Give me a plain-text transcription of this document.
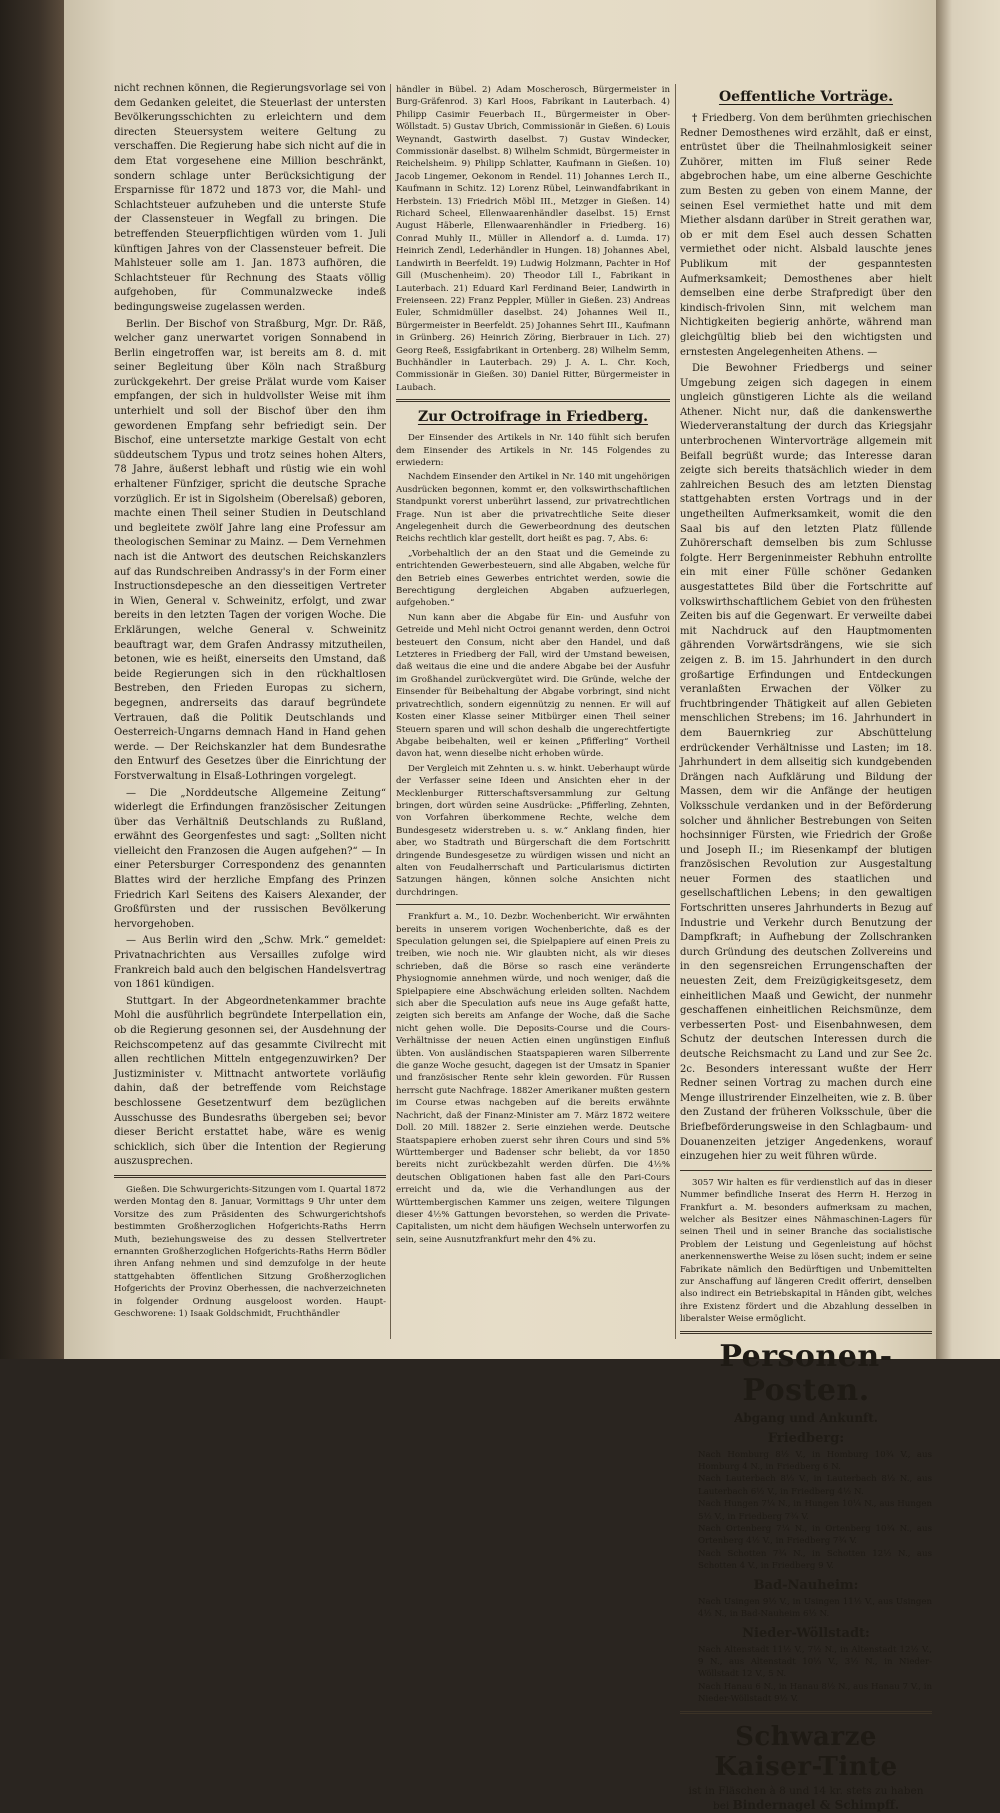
nicht rechnen können, die Regierungsvorlage sei von dem Gedanken geleitet, die Steuerlast der untersten Bevölkerungsschichten zu erleichtern und dem directen Steuersystem weitere Geltung zu verschaffen. Die Regierung habe sich nicht auf die in dem Etat vorgesehene eine Million beschränkt, sondern schlage unter Berücksichtigung der Ersparnisse für 1872 und 1873 vor, die Mahl- und Schlachtsteuer aufzuheben und die unterste Stufe der Classensteuer in Wegfall zu bringen. Die betreffenden Steuerpflichtigen würden vom 1. Juli künftigen Jahres von der Classensteuer befreit. Die Mahlsteuer solle am 1. Jan. 1873 aufhören, die Schlachtsteuer für Rechnung des Staats völlig aufgehoben, für Communalzwecke indeß bedingungsweise zugelassen werden.

Berlin. Der Bischof von Straßburg, Mgr. Dr. Räß, welcher ganz unerwartet vorigen Sonnabend in Berlin eingetroffen war, ist bereits am 8. d. mit seiner Begleitung über Köln nach Straßburg zurückgekehrt. Der greise Prälat wurde vom Kaiser empfangen, der sich in huldvollster Weise mit ihm unterhielt und soll der Bischof über den ihm gewordenen Empfang sehr befriedigt sein. Der Bischof, eine untersetzte markige Gestalt von echt süddeutschem Typus und trotz seines hohen Alters, 78 Jahre, äußerst lebhaft und rüstig wie ein wohl erhaltener Fünfziger, spricht die deutsche Sprache vorzüglich. Er ist in Sigolsheim (Oberelsaß) geboren, machte einen Theil seiner Studien in Deutschland und begleitete zwölf Jahre lang eine Professur am theologischen Seminar zu Mainz. — Dem Vernehmen nach ist die Antwort des deutschen Reichskanzlers auf das Rundschreiben Andrassy's in der Form einer Instructionsdepesche an den diesseitigen Vertreter in Wien, General v. Schweinitz, erfolgt, und zwar bereits in den letzten Tagen der vorigen Woche. Die Erklärungen, welche General v. Schweinitz beauftragt war, dem Grafen Andrassy mitzutheilen, betonen, wie es heißt, einerseits den Umstand, daß beide Regierungen sich in den rückhaltlosen Bestreben, den Frieden Europas zu sichern, begegnen, andrerseits das darauf begründete Vertrauen, daß die Politik Deutschlands und Oesterreich-Ungarns demnach Hand in Hand gehen werde. — Der Reichskanzler hat dem Bundesrathe den Entwurf des Gesetzes über die Einrichtung der Forstverwaltung in Elsaß-Lothringen vorgelegt.

— Die „Norddeutsche Allgemeine Zeitung“ widerlegt die Erfindungen französischer Zeitungen über das Verhältniß Deutschlands zu Rußland, erwähnt des Georgenfestes und sagt: „Sollten nicht vielleicht den Franzosen die Augen aufgehen?“ — In einer Petersburger Correspondenz des genannten Blattes wird der herzliche Empfang des Prinzen Friedrich Karl Seitens des Kaisers Alexander, der Großfürsten und der russischen Bevölkerung hervorgehoben.

— Aus Berlin wird den „Schw. Mrk.“ gemeldet: Privatnachrichten aus Versailles zufolge wird Frankreich bald auch den belgischen Handelsvertrag von 1861 kündigen.

Stuttgart. In der Abgeordnetenkammer brachte Mohl die ausführlich begründete Interpellation ein, ob die Regierung gesonnen sei, der Ausdehnung der Reichscompetenz auf das gesammte Civilrecht mit allen rechtlichen Mitteln entgegenzuwirken? Der Justizminister v. Mittnacht antwortete vorläufig dahin, daß der betreffende vom Reichstage beschlossene Gesetzentwurf dem bezüglichen Ausschusse des Bundesraths übergeben sei; bevor dieser Bericht erstattet habe, wäre es wenig schicklich, sich über die Intention der Regierung auszusprechen.

Gießen. Die Schwurgerichts-Sitzungen vom I. Quartal 1872 werden Montag den 8. Januar, Vormittags 9 Uhr unter dem Vorsitze des zum Präsidenten des Schwurgerichtshofs bestimmten Großherzoglichen Hofgerichts-Raths Herrn Muth, beziehungsweise des zu dessen Stellvertreter ernannten Großherzoglichen Hofgerichts-Raths Herrn Bödler ihren Anfang nehmen und sind demzufolge in der heute stattgehabten öffentlichen Sitzung Großherzoglichen Hofgerichts der Provinz Oberhessen, die nachverzeichneten in folgender Ordnung ausgeloost worden. Haupt-Geschworene: 1) Isaak Goldschmidt, Fruchthändler

händler in Bübel. 2) Adam Moscherosch, Bürgermeister in Burg-Gräfenrod. 3) Karl Hoos, Fabrikant in Lauterbach. 4) Philipp Casimir Feuerbach II., Bürgermeister in Ober-Wöllstadt. 5) Gustav Ubrich, Commissionär in Gießen. 6) Louis Weynandt, Gastwirth daselbst. 7) Gustav Windecker, Commissionär daselbst. 8) Wilhelm Schmidt, Bürgermeister in Reichelsheim. 9) Philipp Schlatter, Kaufmann in Gießen. 10) Jacob Lingemer, Oekonom in Rendel. 11) Johannes Lerch II., Kaufmann in Schitz. 12) Lorenz Rübel, Leinwandfabrikant in Herbstein. 13) Friedrich Möbl III., Metzger in Gießen. 14) Richard Scheel, Ellenwaarenhändler daselbst. 15) Ernst August Häberle, Ellenwaarenhändler in Friedberg. 16) Conrad Muhly II., Müller in Allendorf a. d. Lumda. 17) Heinrich Zendl, Lederhändler in Hungen. 18) Johannes Abel, Landwirth in Beerfeldt. 19) Ludwig Holzmann, Pachter in Hof Gill (Muschenheim). 20) Theodor Lill I., Fabrikant in Lauterbach. 21) Eduard Karl Ferdinand Beier, Landwirth in Freienseen. 22) Franz Peppler, Müller in Gießen. 23) Andreas Euler, Schmidmüller daselbst. 24) Johannes Weil II., Bürgermeister in Beerfeldt. 25) Johannes Sehrt III., Kaufmann in Grünberg. 26) Heinrich Zöring, Bierbrauer in Lich. 27) Georg Reeß, Essigfabrikant in Ortenberg. 28) Wilhelm Semm, Buchhändler in Lauterbach. 29) J. A. L. Chr. Koch, Commissionär in Gießen. 30) Daniel Ritter, Bürgermeister in Laubach.

Zur Octroifrage in Friedberg.

Der Einsender des Artikels in Nr. 140 fühlt sich berufen dem Einsender des Artikels in Nr. 145 Folgendes zu erwiedern:

Nachdem Einsender den Artikel in Nr. 140 mit ungehörigen Ausdrücken begonnen, kommt er, den volkswirthschaftlichen Standpunkt vorerst unberührt lassend, zur privatrechtlichen Frage. Nun ist aber die privatrechtliche Seite dieser Angelegenheit durch die Gewerbeordnung des deutschen Reichs rechtlich klar gestellt, dort heißt es pag. 7, Abs. 6:

„Vorbehaltlich der an den Staat und die Gemeinde zu entrichtenden Gewerbesteuern, sind alle Abgaben, welche für den Betrieb eines Gewerbes entrichtet werden, sowie die Berechtigung dergleichen Abgaben aufzuerlegen, aufgehoben.“

Nun kann aber die Abgabe für Ein- und Ausfuhr von Getreide und Mehl nicht Octroi genannt werden, denn Octroi besteuert den Consum, nicht aber den Handel, und daß Letzteres in Friedberg der Fall, wird der Umstand beweisen, daß weitaus die eine und die andere Abgabe bei der Ausfuhr im Großhandel zurückvergütet wird. Die Gründe, welche der Einsender für Beibehaltung der Abgabe vorbringt, sind nicht privatrechtlich, sondern eigennützig zu nennen. Er will auf Kosten einer Klasse seiner Mitbürger einen Theil seiner Steuern sparen und will schon deshalb die ungerechtfertigte Abgabe beibehalten, weil er keinen „Pfifferling“ Vortheil davon hat, wenn dieselbe nicht erhoben würde.

Der Vergleich mit Zehnten u. s. w. hinkt. Ueberhaupt würde der Verfasser seine Ideen und Ansichten eher in der Mecklenburger Ritterschaftsversammlung zur Geltung bringen, dort würden seine Ausdrücke: „Pfifferling, Zehnten, von Vorfahren überkommene Rechte, welche dem Bundesgesetz widerstreben u. s. w.“ Anklang finden, hier aber, wo Stadtrath und Bürgerschaft die dem Fortschritt dringende Bundesgesetze zu würdigen wissen und nicht an alten von Feudalherrschaft und Particularismus dictirten Satzungen hängen, können solche Ansichten nicht durchdringen.

Frankfurt a. M., 10. Dezbr. Wochenbericht. Wir erwähnten bereits in unserem vorigen Wochenberichte, daß es der Speculation gelungen sei, die Spielpapiere auf einen Preis zu treiben, wie noch nie. Wir glaubten nicht, als wir dieses schrieben, daß die Börse so rasch eine veränderte Physiognomie annehmen würde, und noch weniger, daß die Spielpapiere eine Abschwächung erleiden sollten. Nachdem sich aber die Speculation aufs neue ins Auge gefaßt hatte, zeigten sich bereits am Anfange der Woche, daß die Sache nicht gehen wolle. Die Deposits-Course und die Cours-Verhältnisse der neuen Actien einen ungünstigen Einfluß übten. Von ausländischen Staatspapieren waren Silberrente die ganze Woche gesucht, dagegen ist der Umsatz in Spanier und französischer Rente sehr klein geworden. Für Russen herrscht gute Nachfrage. 1882er Amerikaner mußten gestern im Course etwas nachgeben auf die bereits erwähnte Nachricht, daß der Finanz-Minister am 7. März 1872 weitere Doll. 20 Mill. 1882er 2. Serie einziehen werde. Deutsche Staatspapiere erhoben zuerst sehr ihren Cours und sind 5% Württemberger und Badenser schr beliebt, da vor 1850 bereits nicht zurückbezahlt werden dürfen. Die 4½% deutschen Obligationen haben fast alle den Pari-Cours erreicht und da, wie die Verhandlungen aus der Württembergischen Kammer uns zeigen, weitere Tilgungen dieser 4½% Gattungen bevorstehen, so werden die Private-Capitalisten, um nicht dem häufigen Wechseln unterworfen zu sein, seine Ausnutzfrankfurt mehr den 4% zu.

Oeffentliche Vorträge.

† Friedberg. Von dem berühmten griechischen Redner Demosthenes wird erzählt, daß er einst, entrüstet über die Theilnahmlosigkeit seiner Zuhörer, mitten im Fluß seiner Rede abgebrochen habe, um eine alberne Geschichte zum Besten zu geben von einem Manne, der seinen Esel vermiethet hatte und mit dem Miether alsdann darüber in Streit gerathen war, ob er mit dem Esel auch dessen Schatten vermiethet oder nicht. Alsbald lauschte jenes Publikum mit der gespanntesten Aufmerksamkeit; Demosthenes aber hielt demselben eine derbe Strafpredigt über den kindisch-frivolen Sinn, mit welchem man Nichtigkeiten begierig anhörte, während man gleichgültig blieb bei den wichtigsten und ernstesten Angelegenheiten Athens. —

Die Bewohner Friedbergs und seiner Umgebung zeigen sich dagegen in einem ungleich günstigeren Lichte als die weiland Athener. Nicht nur, daß die dankenswerthe Wiederveranstaltung der durch das Kriegsjahr unterbrochenen Wintervorträge allgemein mit Beifall begrüßt wurde; das Interesse daran zeigte sich bereits thatsächlich wieder in dem zahlreichen Besuch des am letzten Dienstag stattgehabten ersten Vortrags und in der ungetheilten Aufmerksamkeit, womit die den Saal bis auf den letzten Platz füllende Zuhörerschaft demselben bis zum Schlusse folgte. Herr Bergeninmeister Rebhuhn entrollte ein mit einer Fülle schöner Gedanken ausgestattetes Bild über die Fortschritte auf volkswirthschaftlichem Gebiet von den frühesten Zeiten bis auf die Gegenwart. Er verweilte dabei mit Nachdruck auf den Hauptmomenten gährenden Vorwärtsdrängens, wie sie sich zeigen z. B. im 15. Jahrhundert in den durch großartige Erfindungen und Entdeckungen veranlaßten Erwachen der Völker zu fruchtbringender Thätigkeit auf allen Gebieten menschlichen Strebens; im 16. Jahrhundert in dem Bauernkrieg zur Abschüttelung erdrückender Verhältnisse und Lasten; im 18. Jahrhundert in dem allseitig sich kundgebenden Drängen nach Aufklärung und Bildung der Massen, dem wir die Anfänge der heutigen Volksschule verdanken und in der Beförderung solcher und ähnlicher Bestrebungen von Seiten hochsinniger Fürsten, wie Friedrich der Große und Joseph II.; im Riesenkampf der blutigen französischen Revolution zur Ausgestaltung neuer Formen des staatlichen und gesellschaftlichen Lebens; in den gewaltigen Fortschritten unseres Jahrhunderts in Bezug auf Industrie und Verkehr durch Benutzung der Dampfkraft; in Aufhebung der Zollschranken durch Gründung des deutschen Zollvereins und in den segensreichen Errungenschaften der neuesten Zeit, dem Freizügigkeitsgesetz, dem einheitlichen Maaß und Gewicht, der nunmehr geschaffenen einheitlichen Reichsmünze, dem verbesserten Post- und Eisenbahnwesen, dem Schutz der deutschen Interessen durch die deutsche Reichsmacht zu Land und zur See 2c. 2c. Besonders interessant wußte der Herr Redner seinen Vortrag zu machen durch eine Menge illustrirender Einzelheiten, wie z. B. über den Zustand der früheren Volksschule, über die Briefbeförderungsweise in den Schlagbaum- und Douanenzeiten jetziger Angedenkens, worauf einzugehen hier zu weit führen würde.

3057 Wir halten es für verdienstlich auf das in dieser Nummer befindliche Inserat des Herrn H. Herzog in Frankfurt a. M. besonders aufmerksam zu machen, welcher als Besitzer eines Nähmaschinen-Lagers für seinen Theil und in seiner Branche das socialistische Problem der Leistung und Gegenleistung auf höchst anerkennenswerthe Weise zu lösen sucht; indem er seine Fabrikate nämlich den Bedürftigen und Unbemittelten zur Anschaffung auf längeren Credit offerirt, denselben also indirect ein Betriebskapital in Händen gibt, welches ihre Existenz fördert und die Abzahlung desselben in liberalster Weise ermöglicht.

Personen-Posten.
Abgang und Ankunft.
Friedberg:

Nach Homburg 8½ V., in Homburg 10¾ V., aus Homburg 4 N., in Friedberg 6 N.

Nach Lauterbach 8⅓ V., in Lauterbach 8⅓ N., aus Lauterbach 6½ V., in Friedberg 4½ N.

Nach Hungen 7¼ N., in Hungen 10¼ N., aus Hungen 5½ V., in Friedberg 7¾ V.

Nach Ortenberg 7¼ N., in Ortenberg 10¾ N., aus Ortenberg 4½ V., in Friedberg 7¾ V.

Nach Schotten 7¾ N., in Schotten 12½ N., aus Schotten 4 V., in Friedberg 9 V.

Bad-Nauheim:

Nach Usingen 9½ V., in Usingen 11½ V., aus Usingen 4½ N., in Bad-Nauheim 6½ N.

Nieder-Wöllstadt:

Nach Altenstadt 11½ V., 7½ N., in Altenstadt 12½ V., 9 N., aus Altenstadt 10⅓ V., 3½ N., in Nieder-Wöllstadt 12 V., 5 N.

Nach Hanau 6 N., in Hanau 8½ N., aus Hanau 7 V., in Nieder-Wöllstadt 9½ V.

Schwarze Kaiser-Tinte
ist in Fläschen à 8 und 14 kr. stets zu haben bei Bindernagel & Schimpff.
